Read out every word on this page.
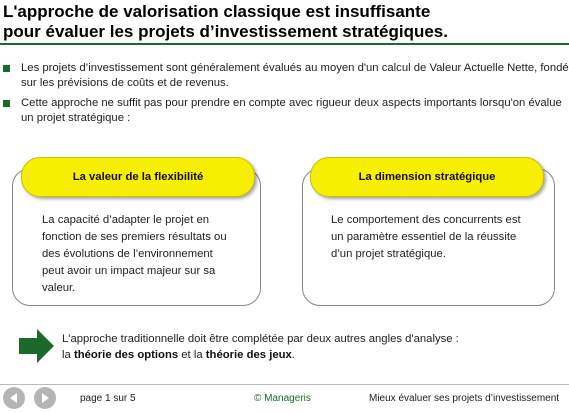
L'approche de valorisation classique est insuffisante
pour évaluer les projets d’investissement stratégiques.
Les projets d’investissement sont généralement évalués au moyen d'un calcul de Valeur Actuelle Nette, fondé sur les prévisions de coûts et de revenus.
Cette approche ne suffit pas pour prendre en compte avec rigueur deux aspects importants lorsqu'on évalue un projet stratégique :
La valeur de la flexibilité
La capacité d’adapter le projet en fonction de ses premiers résultats ou des évolutions de l’environnement peut avoir un impact majeur sur sa valeur.
La dimension stratégique
Le comportement des concurrents est un paramètre essentiel de la réussite d’un projet stratégique.
L'approche traditionnelle doit être complétée par deux autres angles d'analyse :
la théorie des options et la théorie des jeux.
page 1 sur 5	© Manageris	Mieux évaluer ses projets d’investissement
